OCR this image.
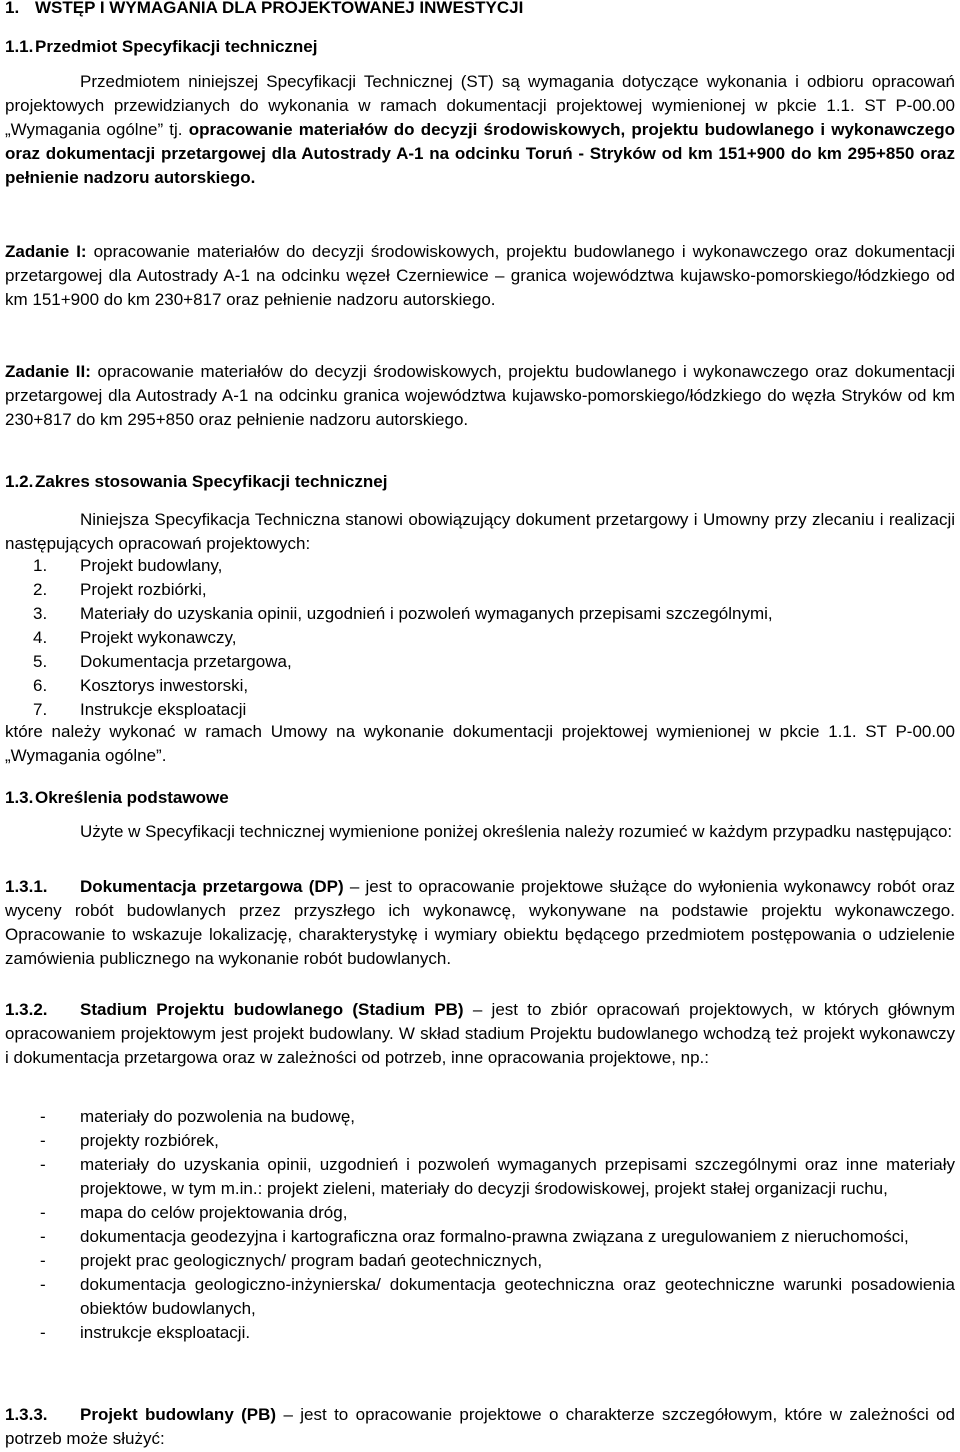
1. WSTĘP I WYMAGANIA DLA PROJEKTOWANEJ INWESTYCJI
1.1.Przedmiot Specyfikacji technicznej
Przedmiotem niniejszej Specyfikacji Technicznej (ST) są wymagania dotyczące wykonania i odbioru opracowań projektowych przewidzianych do wykonania w ramach dokumentacji projektowej wymienionej w pkcie 1.1. ST P-00.00 „Wymagania ogólne” tj. opracowanie materiałów do decyzji środowiskowych, projektu budowlanego i wykonawczego oraz dokumentacji przetargowej dla Autostrady A-1 na odcinku Toruń - Stryków od km 151+900 do km 295+850 oraz pełnienie nadzoru autorskiego.
Zadanie I: opracowanie materiałów do decyzji środowiskowych, projektu budowlanego i wykonawczego oraz dokumentacji przetargowej dla Autostrady A-1 na odcinku węzeł Czerniewice – granica województwa kujawsko-pomorskiego/łódzkiego od km 151+900 do km 230+817 oraz pełnienie nadzoru autorskiego.
Zadanie II: opracowanie materiałów do decyzji środowiskowych, projektu budowlanego i wykonawczego oraz dokumentacji przetargowej dla Autostrady A-1 na odcinku granica województwa kujawsko-pomorskiego/łódzkiego do węzła Stryków od km 230+817 do km 295+850 oraz pełnienie nadzoru autorskiego.
1.2.Zakres stosowania Specyfikacji technicznej
Niniejsza Specyfikacja Techniczna stanowi obowiązujący dokument przetargowy i Umowny przy zlecaniu i realizacji następujących opracowań projektowych:
1.	Projekt budowlany,
2.	Projekt rozbiórki,
3.	Materiały do uzyskania opinii, uzgodnień i pozwoleń wymaganych przepisami szczególnymi,
4.	Projekt wykonawczy,
5.	Dokumentacja przetargowa,
6.	Kosztorys inwestorski,
7.	Instrukcje eksploatacji
które należy wykonać w ramach Umowy na wykonanie dokumentacji projektowej wymienionej w pkcie 1.1. ST P-00.00 „Wymagania ogólne”.
1.3.Określenia podstawowe
Użyte w Specyfikacji technicznej wymienione poniżej określenia należy rozumieć w każdym przypadku następująco:
1.3.1. Dokumentacja przetargowa (DP) – jest to opracowanie projektowe służące do wyłonienia wykonawcy robót oraz wyceny robót budowlanych przez przyszłego ich wykonawcę, wykonywane na podstawie projektu wykonawczego. Opracowanie to wskazuje lokalizację, charakterystykę i wymiary obiektu będącego przedmiotem postępowania o udzielenie zamówienia publicznego na wykonanie robót budowlanych.
1.3.2. Stadium Projektu budowlanego (Stadium PB) – jest to zbiór opracowań projektowych, w których głównym opracowaniem projektowym jest projekt budowlany. W skład stadium Projektu budowlanego wchodzą też projekt wykonawczy i dokumentacja przetargowa oraz w zależności od potrzeb, inne opracowania projektowe, np.:
- materiały do pozwolenia na budowę,
- projekty rozbiórek,
- materiały do uzyskania opinii, uzgodnień i pozwoleń wymaganych przepisami szczególnymi oraz inne materiały projektowe, w tym m.in.: projekt zieleni, materiały do decyzji środowiskowej, projekt stałej organizacji ruchu,
- mapa do celów projektowania dróg,
- dokumentacja geodezyjna i kartograficzna oraz formalno-prawna związana z uregulowaniem z nieruchomości,
- projekt prac geologicznych/ program badań geotechnicznych,
- dokumentacja geologiczno-inżynierska/ dokumentacja geotechniczna oraz geotechniczne warunki posadowienia obiektów budowlanych,
- instrukcje eksploatacji.
1.3.3. Projekt budowlany (PB) – jest to opracowanie projektowe o charakterze szczegółowym, które w zależności od potrzeb może służyć:
